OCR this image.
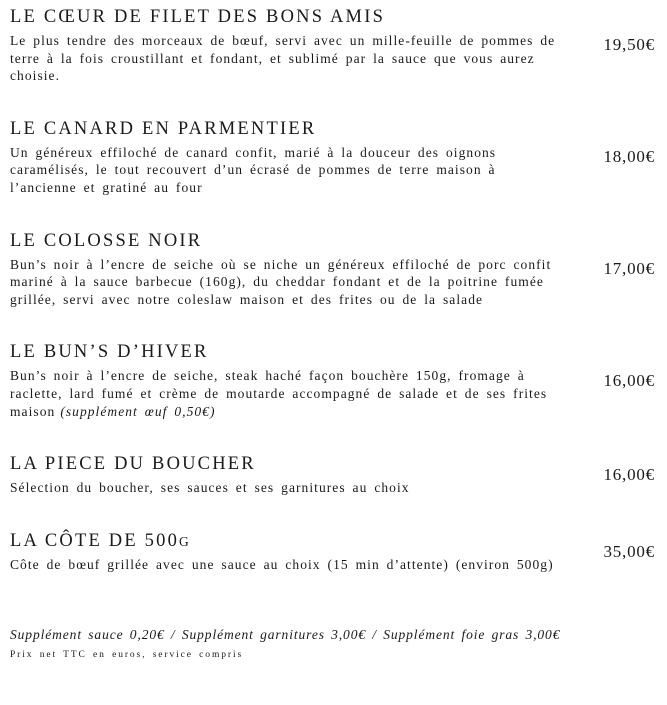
LE CŒUR DE FILET DES BONS AMIS

Le plus tendre des morceaux de bœuf, servi avec un mille-feuille de pommes de terre à la fois croustillant et fondant, et sublimé par la sauce que vous aurez choisie.

19,50€
LE CANARD EN PARMENTIER

Un généreux effiloché de canard confit, marié à la douceur des oignons caramélisés, le tout recouvert d’un écrasé de pommes de terre maison à l’ancienne et gratiné au four

18,00€
LE COLOSSE NOIR

Bun’s noir à l’encre de seiche où se niche un généreux effiloché de porc confit mariné à la sauce barbecue (160g), du cheddar fondant et de la poitrine fumée grillée, servi avec notre coleslaw maison et des frites ou de la salade

17,00€
LE BUN’S D’HIVER

Bun’s noir à l’encre de seiche, steak haché façon bouchère 150g, fromage à raclette, lard fumé et crème de moutarde accompagné de salade et de ses frites maison (supplément œuf 0,50€)

16,00€
LA PIECE DU BOUCHER

Sélection du boucher, ses sauces et ses garnitures au choix

16,00€
LA CÔTE DE 500G

Côte de bœuf grillée avec une sauce au choix (15 min d’attente) (environ 500g)

35,00€

Supplément sauce 0,20€ / Supplément garnitures 3,00€ / Supplément foie gras 3,00€

Prix net TTC en euros, service compris
